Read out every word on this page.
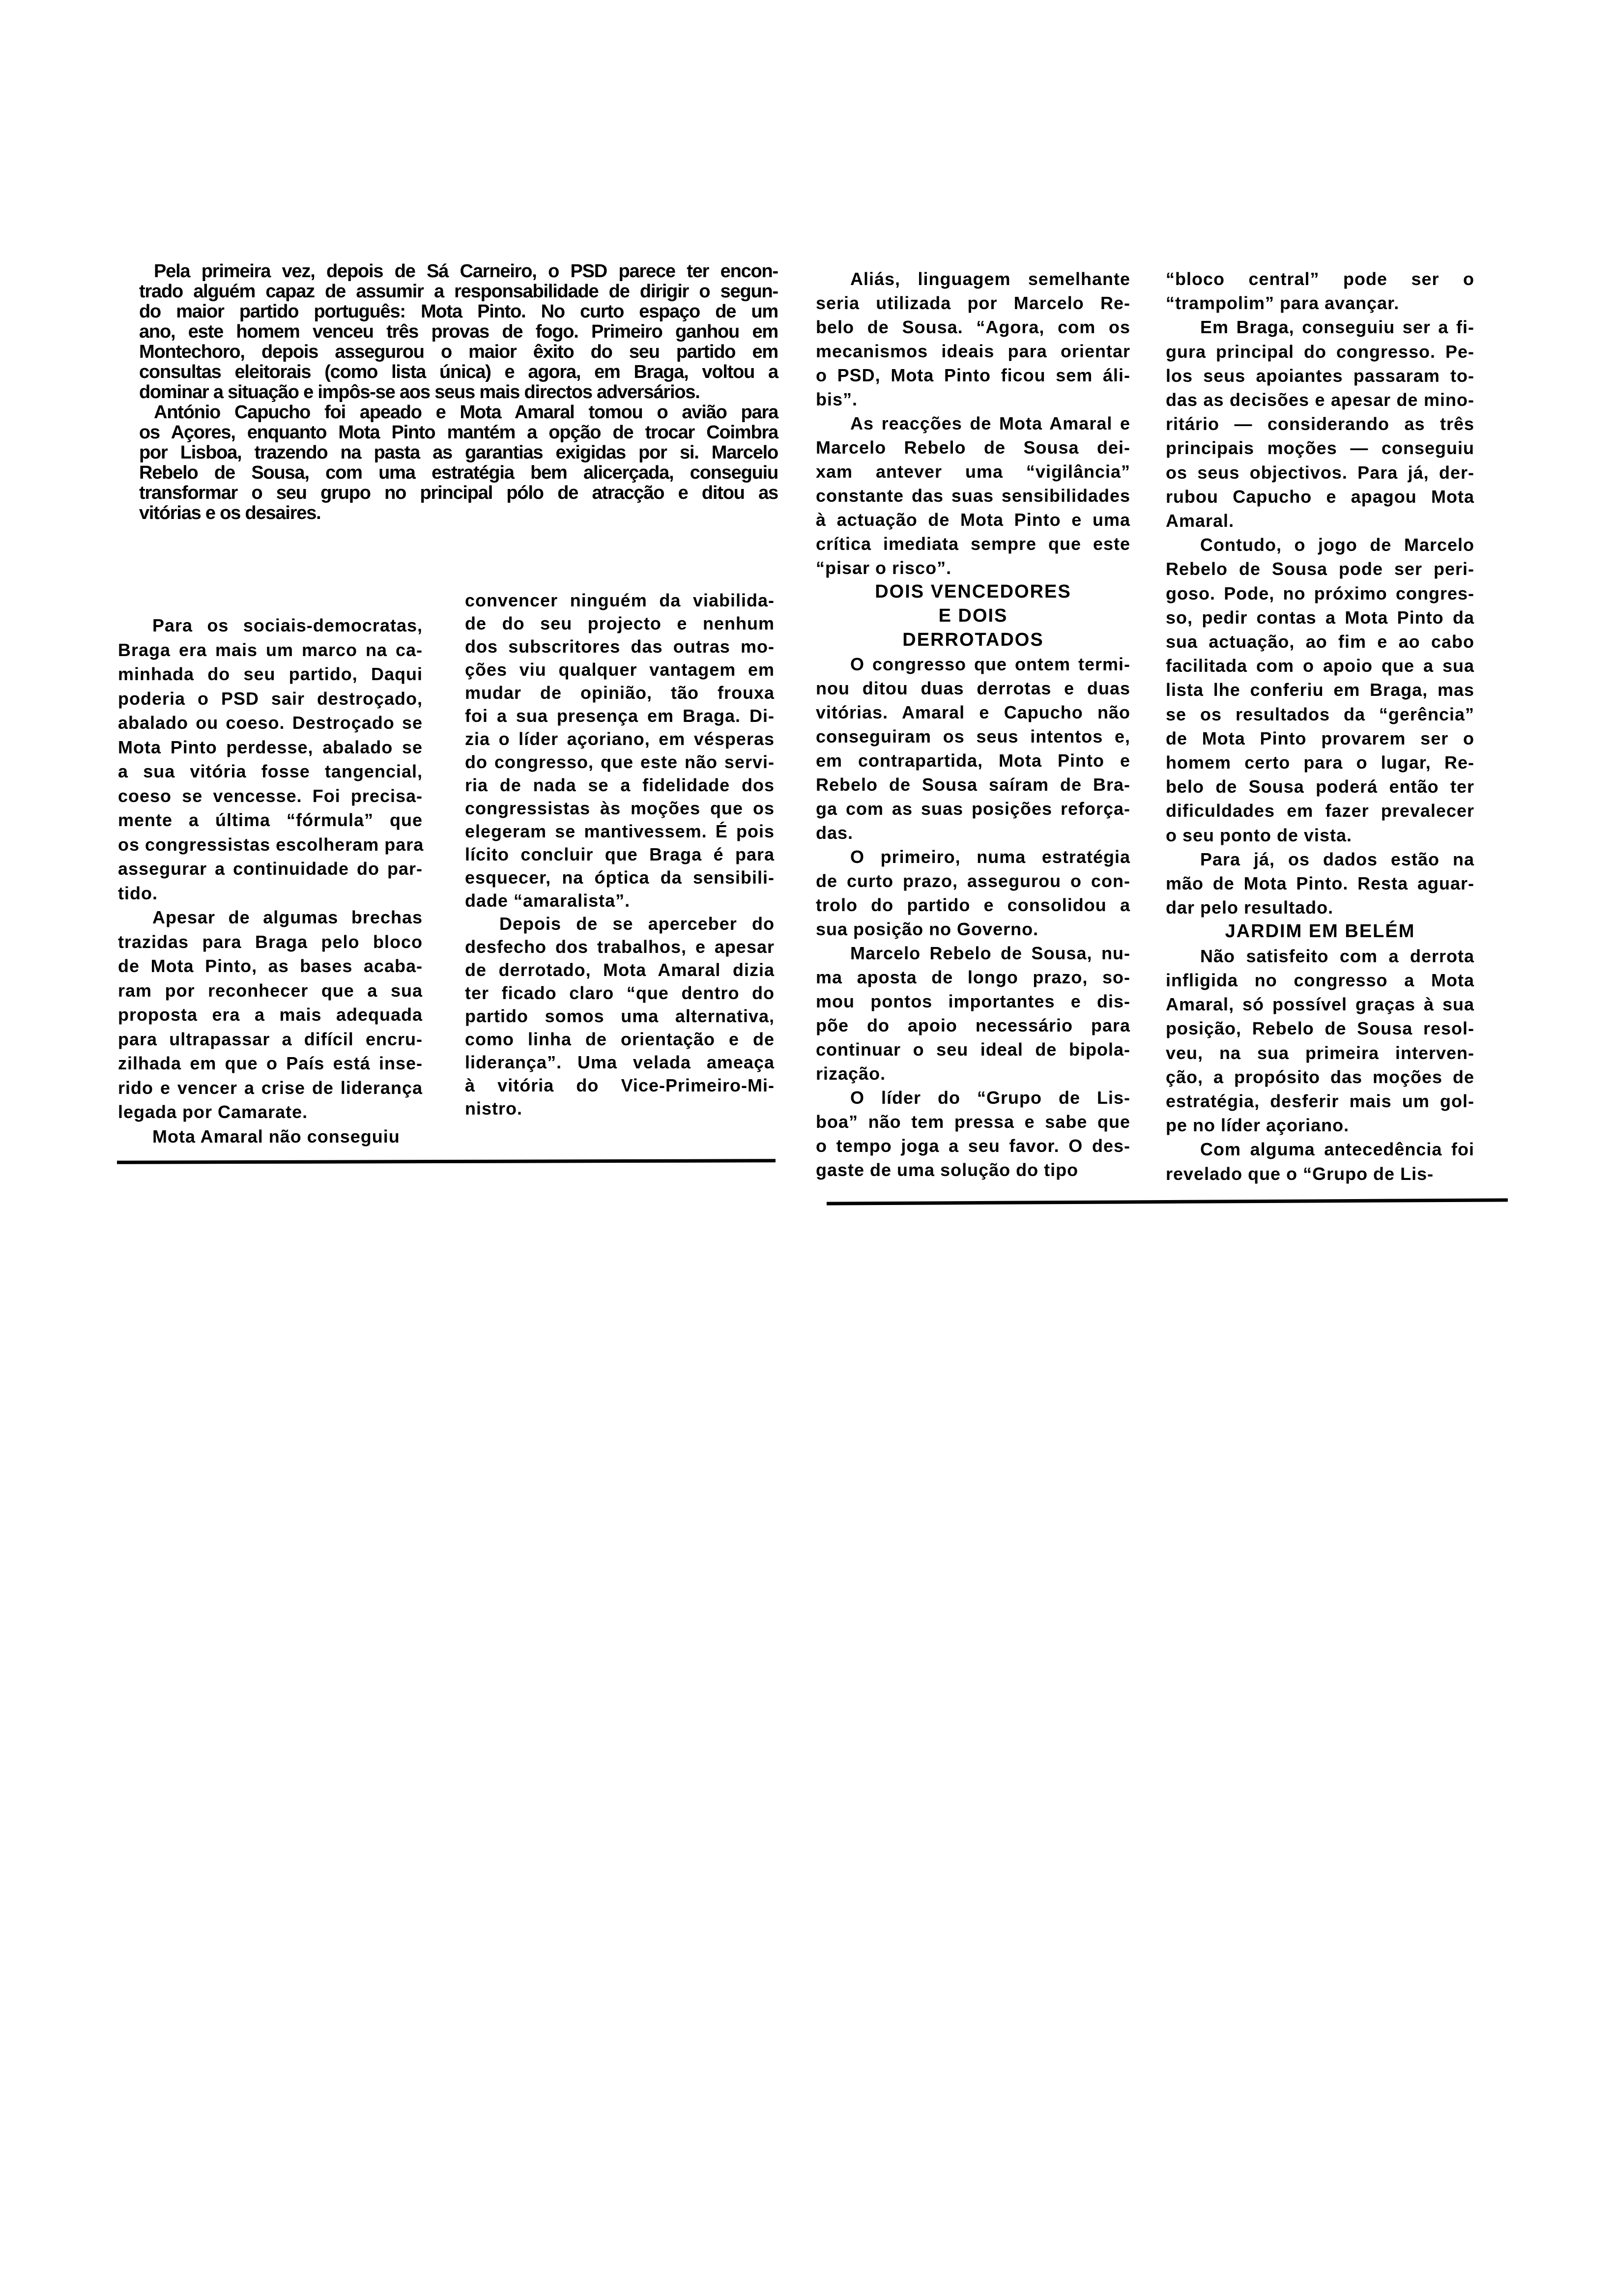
Pela primeira vez, depois de Sá Carneiro, o PSD parece ter encon-
trado alguém capaz de assumir a responsabilidade de dirigir o segun-
do maior partido português: Mota Pinto. No curto espaço de um
ano, este homem venceu três provas de fogo. Primeiro ganhou em
Montechoro, depois assegurou o maior êxito do seu partido em
consultas eleitorais (como lista única) e agora, em Braga, voltou a
dominar a situação e impôs-se aos seus mais directos adversários.
António Capucho foi apeado e Mota Amaral tomou o avião para
os Açores, enquanto Mota Pinto mantém a opção de trocar Coimbra
por Lisboa, trazendo na pasta as garantias exigidas por si. Marcelo
Rebelo de Sousa, com uma estratégia bem alicerçada, conseguiu
transformar o seu grupo no principal pólo de atracção e ditou as
vitórias e os desaires.
Para os sociais-democratas,
Braga era mais um marco na ca-
minhada do seu partido, Daqui
poderia o PSD sair destroçado,
abalado ou coeso. Destroçado se
Mota Pinto perdesse, abalado se
a sua vitória fosse tangencial,
coeso se vencesse. Foi precisa-
mente a última “fórmula” que
os congressistas escolheram para
assegurar a continuidade do par-
tido.
Apesar de algumas brechas
trazidas para Braga pelo bloco
de Mota Pinto, as bases acaba-
ram por reconhecer que a sua
proposta era a mais adequada
para ultrapassar a difícil encru-
zilhada em que o País está inse-
rido e vencer a crise de liderança
legada por Camarate.
Mota Amaral não conseguiu
convencer ninguém da viabilida-
de do seu projecto e nenhum
dos subscritores das outras mo-
ções viu qualquer vantagem em
mudar de opinião, tão frouxa
foi a sua presença em Braga. Di-
zia o líder açoriano, em vésperas
do congresso, que este não servi-
ria de nada se a fidelidade dos
congressistas às moções que os
elegeram se mantivessem. É pois
lícito concluir que Braga é para
esquecer, na óptica da sensibili-
dade “amaralista”.
Depois de se aperceber do
desfecho dos trabalhos, e apesar
de derrotado, Mota Amaral dizia
ter ficado claro “que dentro do
partido somos uma alternativa,
como linha de orientação e de
liderança”. Uma velada ameaça
à vitória do Vice-Primeiro-Mi-
nistro.
Aliás, linguagem semelhante
seria utilizada por Marcelo Re-
belo de Sousa. “Agora, com os
mecanismos ideais para orientar
o PSD, Mota Pinto ficou sem áli-
bis”.
As reacções de Mota Amaral e
Marcelo Rebelo de Sousa dei-
xam antever uma “vigilância”
constante das suas sensibilidades
à actuação de Mota Pinto e uma
crítica imediata sempre que este
“pisar o risco”.
DOIS VENCEDORES
E DOIS
DERROTADOS
O congresso que ontem termi-
nou ditou duas derrotas e duas
vitórias. Amaral e Capucho não
conseguiram os seus intentos e,
em contrapartida, Mota Pinto e
Rebelo de Sousa saíram de Bra-
ga com as suas posições reforça-
das.
O primeiro, numa estratégia
de curto prazo, assegurou o con-
trolo do partido e consolidou a
sua posição no Governo.
Marcelo Rebelo de Sousa, nu-
ma aposta de longo prazo, so-
mou pontos importantes e dis-
põe do apoio necessário para
continuar o seu ideal de bipola-
rização.
O líder do “Grupo de Lis-
boa” não tem pressa e sabe que
o tempo joga a seu favor. O des-
gaste de uma solução do tipo
“bloco central” pode ser o
“trampolim” para avançar.
Em Braga, conseguiu ser a fi-
gura principal do congresso. Pe-
los seus apoiantes passaram to-
das as decisões e apesar de mino-
ritário — considerando as três
principais moções — conseguiu
os seus objectivos. Para já, der-
rubou Capucho e apagou Mota
Amaral.
Contudo, o jogo de Marcelo
Rebelo de Sousa pode ser peri-
goso. Pode, no próximo congres-
so, pedir contas a Mota Pinto da
sua actuação, ao fim e ao cabo
facilitada com o apoio que a sua
lista lhe conferiu em Braga, mas
se os resultados da “gerência”
de Mota Pinto provarem ser o
homem certo para o lugar, Re-
belo de Sousa poderá então ter
dificuldades em fazer prevalecer
o seu ponto de vista.
Para já, os dados estão na
mão de Mota Pinto. Resta aguar-
dar pelo resultado.
JARDIM EM BELÉM
Não satisfeito com a derrota
infligida no congresso a Mota
Amaral, só possível graças à sua
posição, Rebelo de Sousa resol-
veu, na sua primeira interven-
ção, a propósito das moções de
estratégia, desferir mais um gol-
pe no líder açoriano.
Com alguma antecedência foi
revelado que o “Grupo de Lis-
